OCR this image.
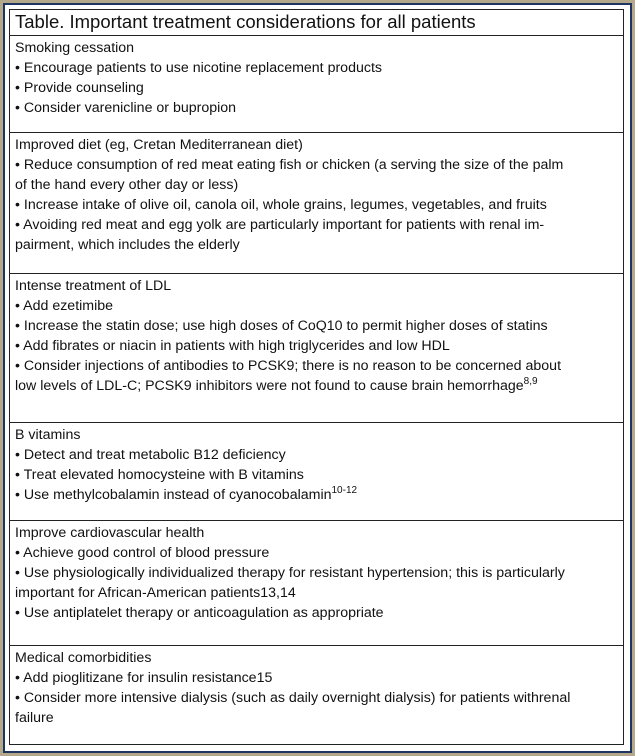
Table. Important treatment considerations for all patients
Smoking cessation
• Encourage patients to use nicotine replacement products
• Provide counseling
• Consider varenicline or bupropion
Improved diet (eg, Cretan Mediterranean diet)
• Reduce consumption of red meat eating fish or chicken (a serving the size of the palm
of the hand every other day or less)
• Increase intake of olive oil, canola oil, whole grains, legumes, vegetables, and fruits
• Avoiding red meat and egg yolk are particularly important for patients with renal im-
pairment, which includes the elderly
Intense treatment of LDL
• Add ezetimibe
• Increase the statin dose; use high doses of CoQ10 to permit higher doses of statins
• Add fibrates or niacin in patients with high triglycerides and low HDL
• Consider injections of antibodies to PCSK9; there is no reason to be concerned about
low levels of LDL-C; PCSK9 inhibitors were not found to cause brain hemorrhage$^{8,9}$
B vitamins
• Detect and treat metabolic B12 deficiency
• Treat elevated homocysteine with B vitamins
• Use methylcobalamin instead of cyanocobalamin$^{10-12}$
Improve cardiovascular health
• Achieve good control of blood pressure
• Use physiologically individualized therapy for resistant hypertension; this is particularly
important for African-American patients13,14
• Use antiplatelet therapy or anticoagulation as appropriate
Medical comorbidities
• Add pioglitizane for insulin resistance15
• Consider more intensive dialysis (such as daily overnight dialysis) for patients withrenal
failure
